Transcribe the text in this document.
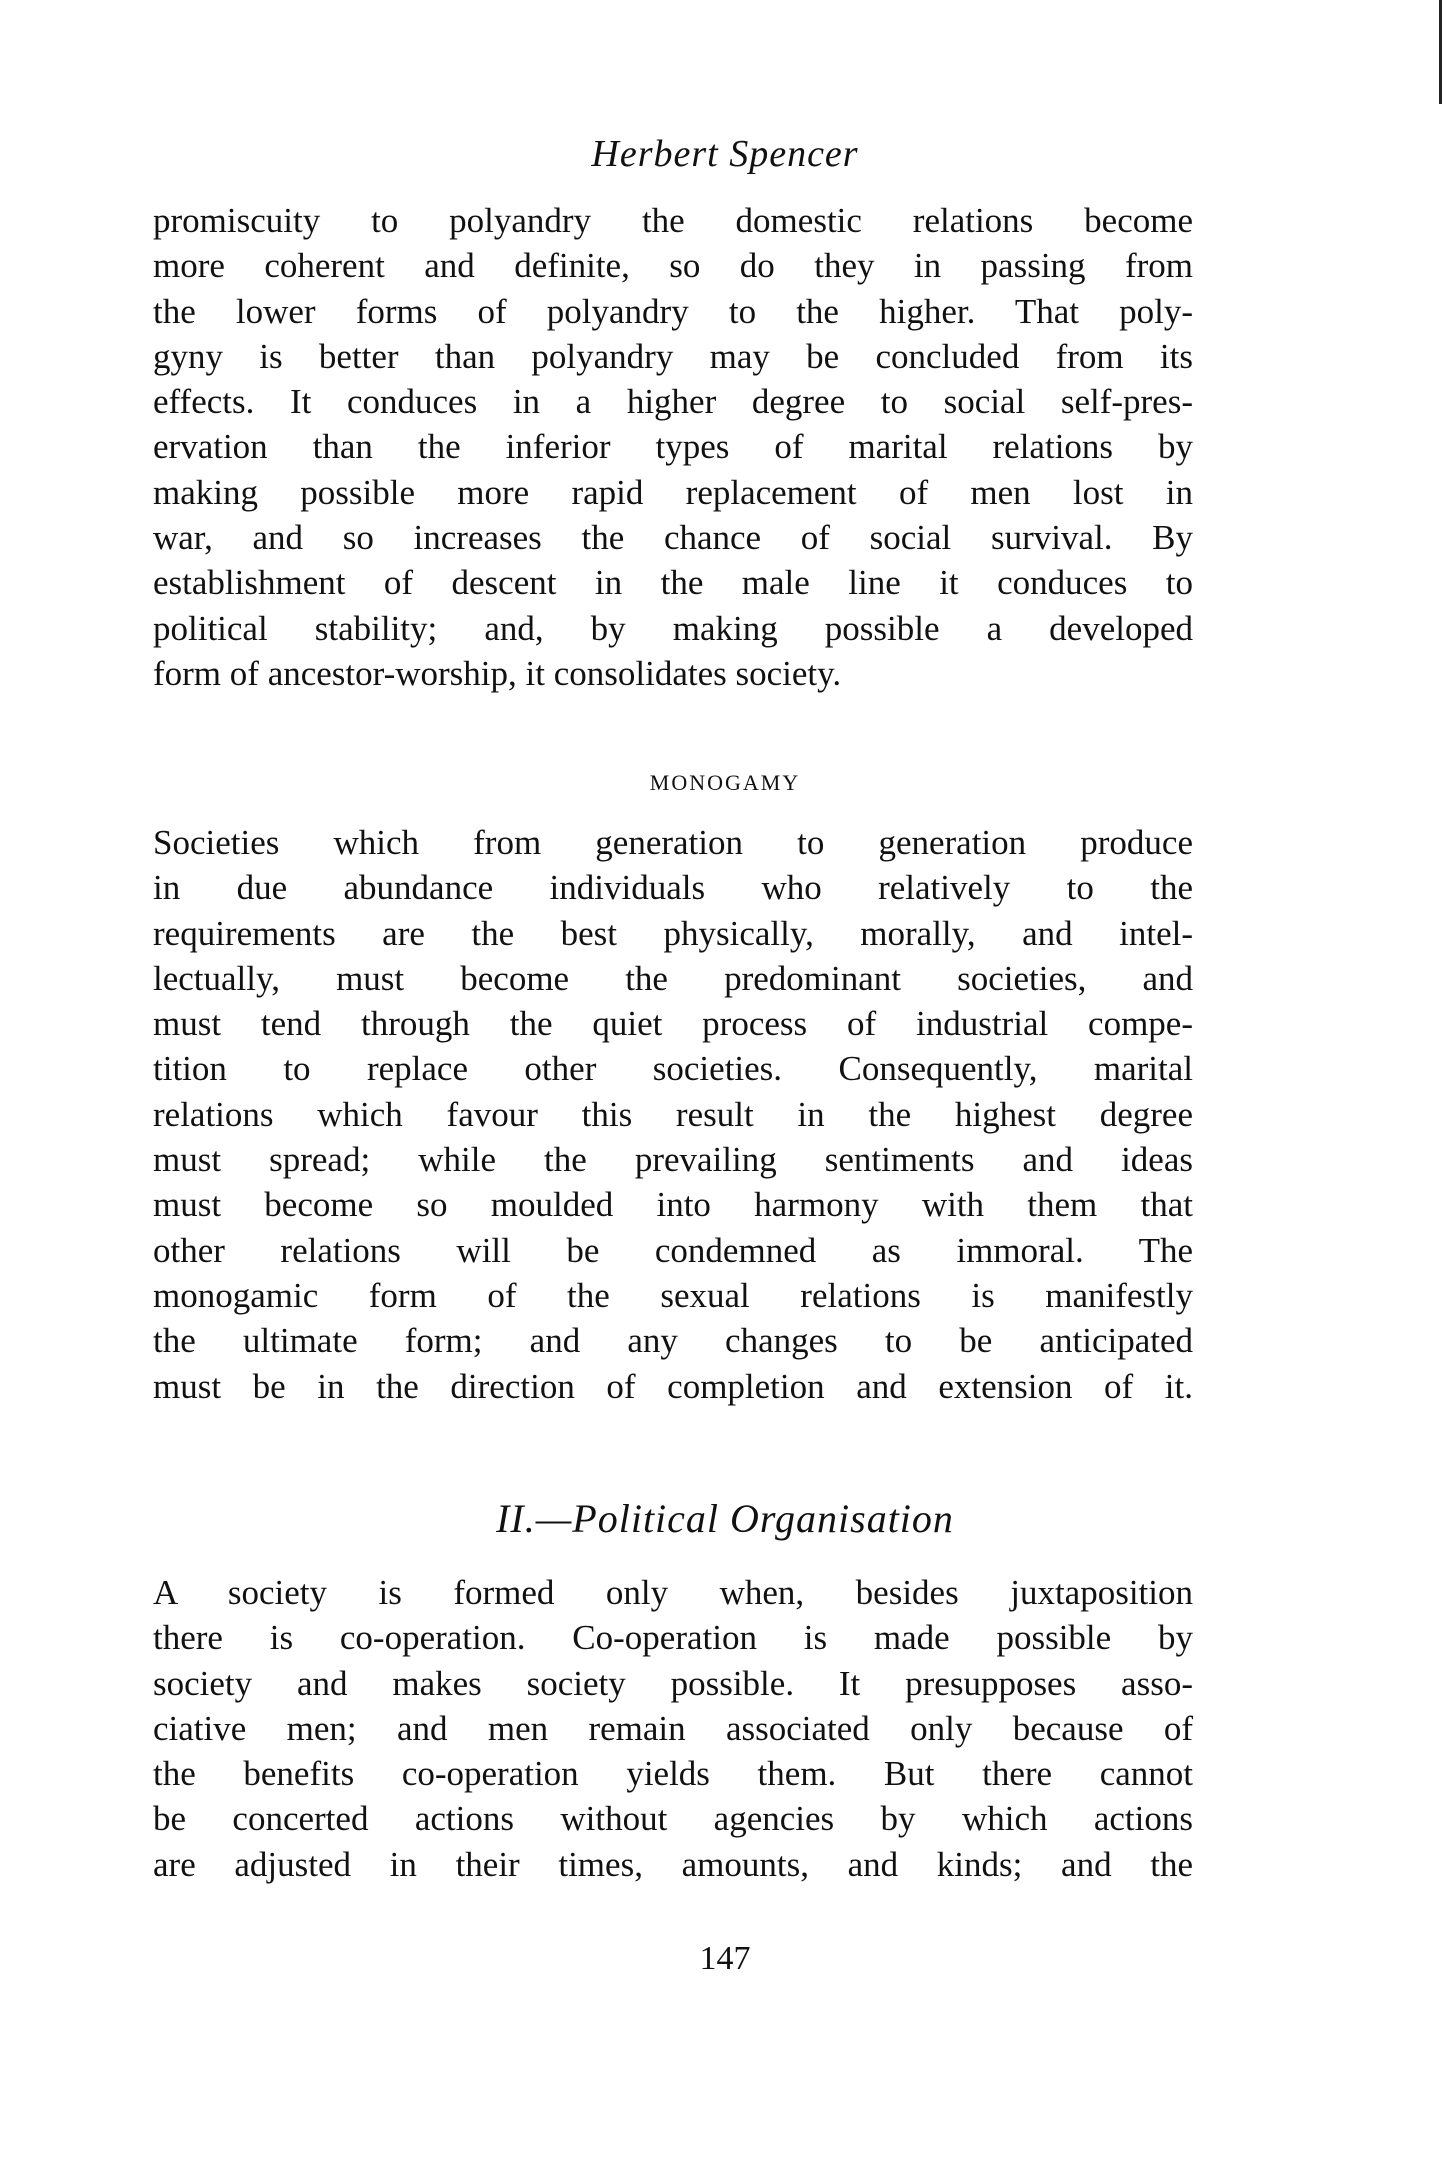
Herbert Spencer
promiscuity to polyandry the domestic relations become
more coherent and definite, so do they in passing from
the lower forms of polyandry to the higher. That poly-
gyny is better than polyandry may be concluded from its
effects. It conduces in a higher degree to social self-pres-
ervation than the inferior types of marital relations by
making possible more rapid replacement of men lost in
war, and so increases the chance of social survival. By
establishment of descent in the male line it conduces to
political stability; and, by making possible a developed
form of ancestor-worship, it consolidates society.
MONOGAMY
Societies which from generation to generation produce
in due abundance individuals who relatively to the
requirements are the best physically, morally, and intel-
lectually, must become the predominant societies, and
must tend through the quiet process of industrial compe-
tition to replace other societies. Consequently, marital
relations which favour this result in the highest degree
must spread; while the prevailing sentiments and ideas
must become so moulded into harmony with them that
other relations will be condemned as immoral. The
monogamic form of the sexual relations is manifestly
the ultimate form; and any changes to be anticipated
must be in the direction of completion and extension of it.
II.—Political Organisation
A society is formed only when, besides juxtaposition
there is co-operation. Co-operation is made possible by
society and makes society possible. It presupposes asso-
ciative men; and men remain associated only because of
the benefits co-operation yields them. But there cannot
be concerted actions without agencies by which actions
are adjusted in their times, amounts, and kinds; and the
147
